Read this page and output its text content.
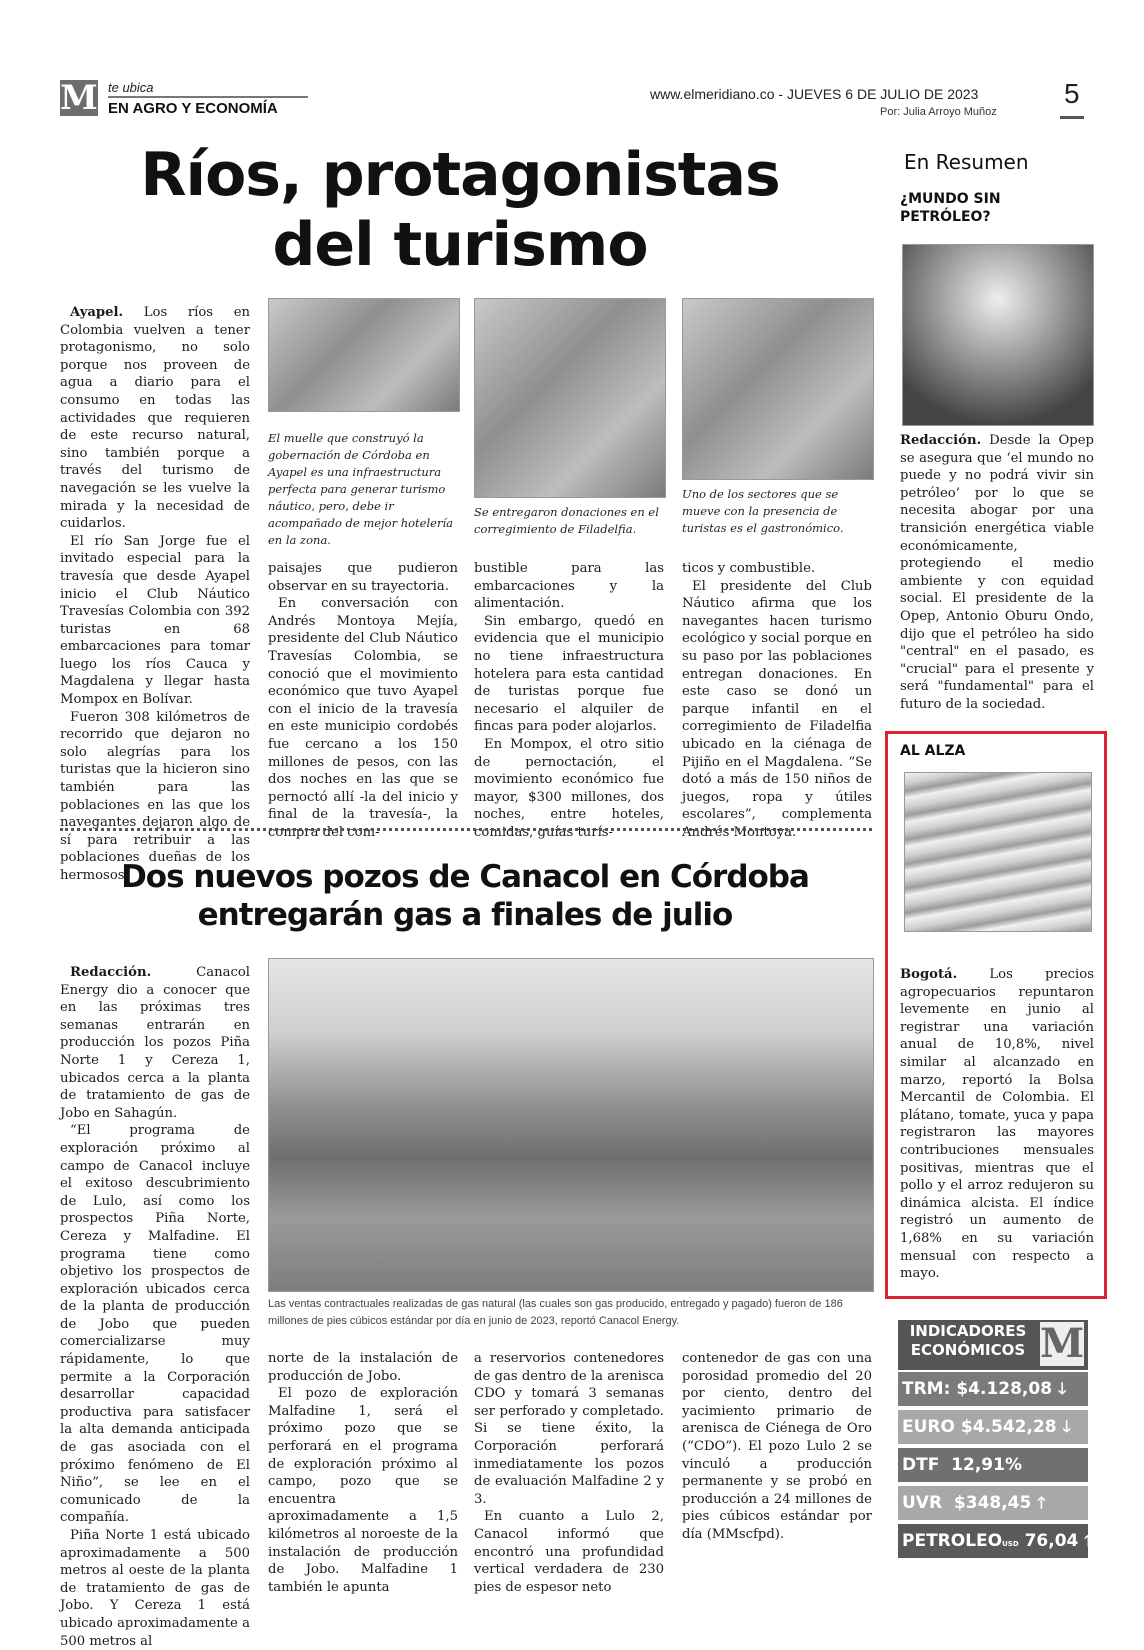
M te ubica
EN AGRO Y ECONOMÍA
www.elmeridiano.co - JUEVES 6 DE JULIO DE 2023
Por: Julia Arroyo Muñoz
5
Ríos, protagonistas
del turismo

Ayapel. Los ríos en Colombia vuelven a tener protagonismo, no solo porque nos proveen de agua a diario para el consumo en todas las actividades que requieren de este recurso natural, sino también porque a través del turismo de navegación se les vuelve la mirada y la necesidad de cuidarlos.

El río San Jorge fue el invitado especial para la travesía que desde Ayapel inicio el Club Náutico Travesías Colombia con 392 turistas en 68 embarcaciones para tomar luego los ríos Cauca y Magdalena y llegar hasta Mompox en Bolívar.

Fueron 308 kilómetros de recorrido que dejaron no solo alegrías para los turistas que la hicieron sino también para las poblaciones en las que los navegantes dejaron algo de sí para retribuir a las poblaciones dueñas de los hermosos

El muelle que construyó la gobernación de Córdoba en Ayapel es una infraestructura perfecta para generar turismo náutico, pero, debe ir acompañado de mejor hotelería en la zona.
Se entregaron donaciones en el corregimiento de Filadelfia.
Uno de los sectores que se mueve con la presencia de turistas es el gastronómico.

paisajes que pudieron observar en su trayectoria.

En conversación con Andrés Montoya Mejía, presidente del Club Náutico Travesías Colombia, se conoció que el movimiento económico que tuvo Ayapel con el inicio de la travesía en este municipio cordobés fue cercano a los 150 millones de pesos, con las dos noches en las que se pernoctó allí -la del inicio y final de la travesía-, la compra del com-

bustible para las embarcaciones y la alimentación.

Sin embargo, quedó en evidencia que el municipio no tiene infraestructura hotelera para esta cantidad de turistas porque fue necesario el alquiler de fincas para poder alojarlos.

En Mompox, el otro sitio de pernoctación, el movimiento económico fue mayor, $300 millones, dos noches, entre hoteles, comidas, guías turís-

ticos y combustible.

El presidente del Club Náutico afirma que los navegantes hacen turismo ecológico y social porque en su paso por las poblaciones entregan donaciones. En este caso se donó un parque infantil en el corregimiento de Filadelfia ubicado en la ciénaga de Pijiño en el Magdalena. “Se dotó a más de 150 niños de juegos, ropa y útiles escolares”, complementa Andrés Montoya.

Dos nuevos pozos de Canacol en Córdoba
entregarán gas a finales de julio

Redacción.	Canacol Energy dio a conocer que en las próximas tres semanas entrarán en producción los pozos Piña Norte 1 y Cereza 1, ubicados cerca a la planta de tratamiento de gas de Jobo en Sahagún.

“El programa de exploración próximo al campo de Canacol incluye el exitoso descubrimiento de Lulo, así como los prospectos Piña Norte, Cereza y Malfadine. El programa tiene como objetivo los prospectos de exploración ubicados cerca de la planta de producción de Jobo que pueden comercializarse muy rápidamente, lo que permite a la Corporación desarrollar capacidad productiva para satisfacer la alta demanda anticipada de gas asociada con el próximo fenómeno de El Niño”, se lee en el comunicado de la compañía.

Piña Norte 1 está ubicado aproximadamente a 500 metros al oeste de la planta de tratamiento de gas de Jobo. Y Cereza 1 está ubicado aproximadamente a 500 metros al

Las ventas contractuales realizadas de gas natural (las cuales son gas producido, entregado y pagado) fueron de 186 millones de pies cúbicos estándar por día en junio de 2023, reportó Canacol Energy.

norte de la instalación de producción de Jobo.

El pozo de exploración Malfadine 1, será el próximo pozo que se perforará en el programa de exploración próximo al campo, pozo que se encuentra aproximadamente a 1,5 kilómetros al noroeste de la instalación de producción de Jobo. Malfadine 1 también le apunta

a reservorios contenedores de gas dentro de la arenisca CDO y tomará 3 semanas ser perforado y completado. Si se tiene éxito, la Corporación perforará inmediatamente los pozos de evaluación Malfadine 2 y 3.

En cuanto a Lulo 2, Canacol informó que encontró una profundidad vertical verdadera de 230 pies de espesor neto

contenedor de gas con una porosidad promedio del 20 por ciento, dentro del yacimiento primario de arenisca de Ciénega de Oro (“CDO”). El pozo Lulo 2 se vinculó a producción permanente y se probó en producción a 24 millones de pies cúbicos estándar por día (MMscfpd).

En Resumen
¿MUNDO SIN
PETRÓLEO?
Redacción. Desde la Opep se asegura que ‘el mundo no puede y no podrá vivir sin petróleo’ por lo que se necesita abogar por una transición energética viable económicamente, protegiendo el medio ambiente y con equidad social. El presidente de la Opep, Antonio Oburu Ondo, dijo que el petróleo ha sido "central" en el pasado, es "crucial" para el presente y será "fundamental" para el futuro de la sociedad.
AL ALZA
Bogotá. Los precios agropecuarios repuntaron levemente en junio al registrar una variación anual de 10,8%, nivel similar al alcanzado en marzo, reportó la Bolsa Mercantil de Colombia. El plátano, tomate, yuca y papa registraron las mayores contribuciones mensuales positivas, mientras que el pollo y el arroz redujeron su dinámica alcista. El índice registró un aumento de 1,68% en su variación mensual con respecto a mayo.
INDICADORES
ECONÓMICOS M
TRM: $4.128,08 🡓
EURO $4.542,28 🡓
DTF 12,91%
UVR $348,45 🡑
PETROLEOUSD 76,04 🡑
